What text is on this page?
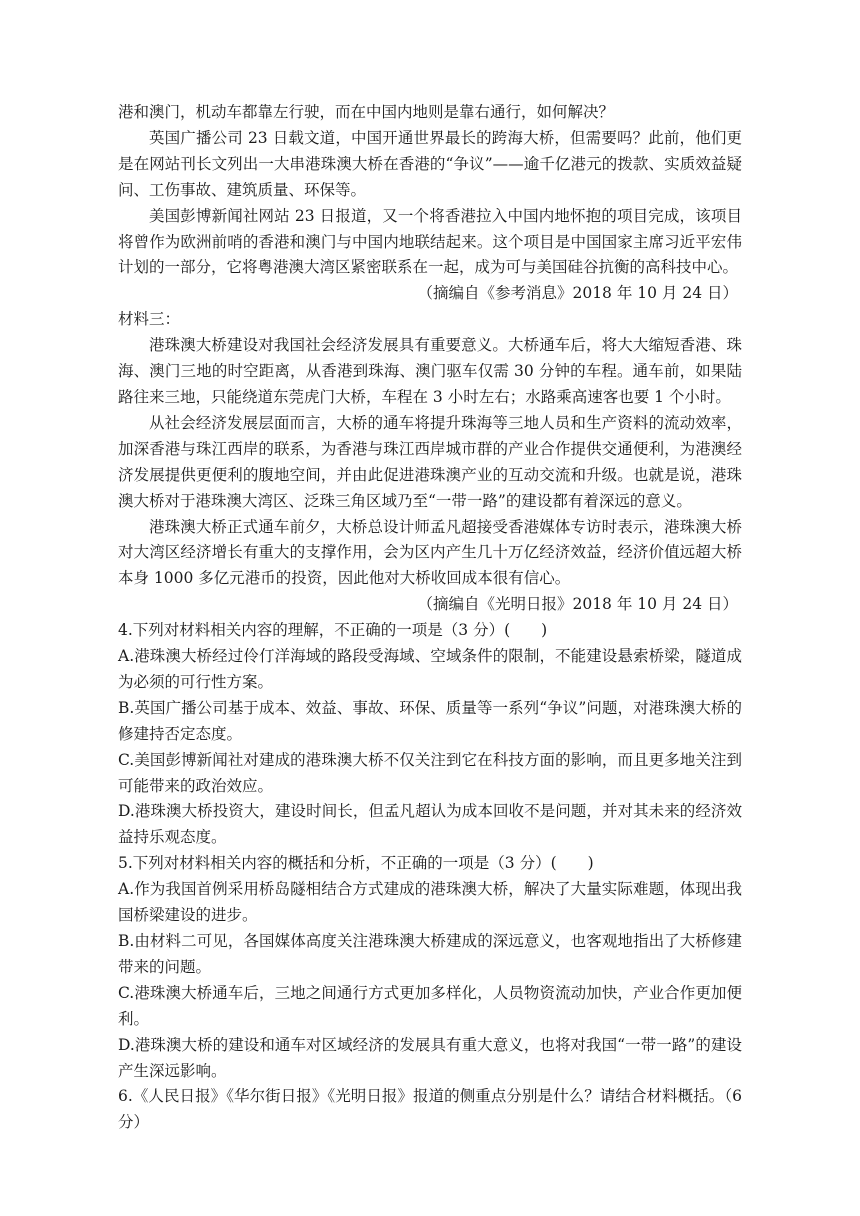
港和澳门，机动车都靠左行驶，而在中国内地则是靠右通行，如何解决？

英国广播公司 23 日载文道，中国开通世界最长的跨海大桥，但需要吗？此前，他们更是在网站刊长文列出一大串港珠澳大桥在香港的“争议”——逾千亿港元的拨款、实质效益疑问、工伤事故、建筑质量、环保等。

美国彭博新闻社网站 23 日报道，又一个将香港拉入中国内地怀抱的项目完成，该项目将曾作为欧洲前哨的香港和澳门与中国内地联结起来。这个项目是中国国家主席习近平宏伟计划的一部分，它将粤港澳大湾区紧密联系在一起，成为可与美国硅谷抗衡的高科技中心。

（摘编自《参考消息》2018 年 10 月 24 日）

材料三：

港珠澳大桥建设对我国社会经济发展具有重要意义。大桥通车后，将大大缩短香港、珠海、澳门三地的时空距离，从香港到珠海、澳门驱车仅需 30 分钟的车程。通车前，如果陆路往来三地，只能绕道东莞虎门大桥，车程在 3 小时左右；水路乘高速客也要 1 个小时。

从社会经济发展层面而言，大桥的通车将提升珠海等三地人员和生产资料的流动效率，加深香港与珠江西岸的联系，为香港与珠江西岸城市群的产业合作提供交通便利，为港澳经济发展提供更便利的腹地空间，并由此促进港珠澳产业的互动交流和升级。也就是说，港珠澳大桥对于港珠澳大湾区、泛珠三角区域乃至“一带一路”的建设都有着深远的意义。

港珠澳大桥正式通车前夕，大桥总设计师孟凡超接受香港媒体专访时表示，港珠澳大桥对大湾区经济增长有重大的支撑作用，会为区内产生几十万亿经济效益，经济价值远超大桥本身 1000 多亿元港币的投资，因此他对大桥收回成本很有信心。

（摘编自《光明日报》2018 年 10 月 24 日）

4.下列对材料相关内容的理解，不正确的一项是（3 分）(　　)

A.港珠澳大桥经过伶仃洋海域的路段受海域、空域条件的限制，不能建设悬索桥梁，隧道成为必须的可行性方案。

B.英国广播公司基于成本、效益、事故、环保、质量等一系列“争议”问题，对港珠澳大桥的修建持否定态度。

C.美国彭博新闻社对建成的港珠澳大桥不仅关注到它在科技方面的影响，而且更多地关注到可能带来的政治效应。

D.港珠澳大桥投资大，建设时间长，但孟凡超认为成本回收不是问题，并对其未来的经济效益持乐观态度。

5.下列对材料相关内容的概括和分析，不正确的一项是（3 分）(　　)

A.作为我国首例采用桥岛隧相结合方式建成的港珠澳大桥，解决了大量实际难题，体现出我国桥梁建设的进步。

B.由材料二可见，各国媒体高度关注港珠澳大桥建成的深远意义，也客观地指出了大桥修建带来的问题。

C.港珠澳大桥通车后，三地之间通行方式更加多样化，人员物资流动加快，产业合作更加便利。

D.港珠澳大桥的建设和通车对区域经济的发展具有重大意义，也将对我国“一带一路”的建设产生深远影响。

6.《人民日报》《华尔街日报》《光明日报》报道的侧重点分别是什么？请结合材料概括。（6 分）
